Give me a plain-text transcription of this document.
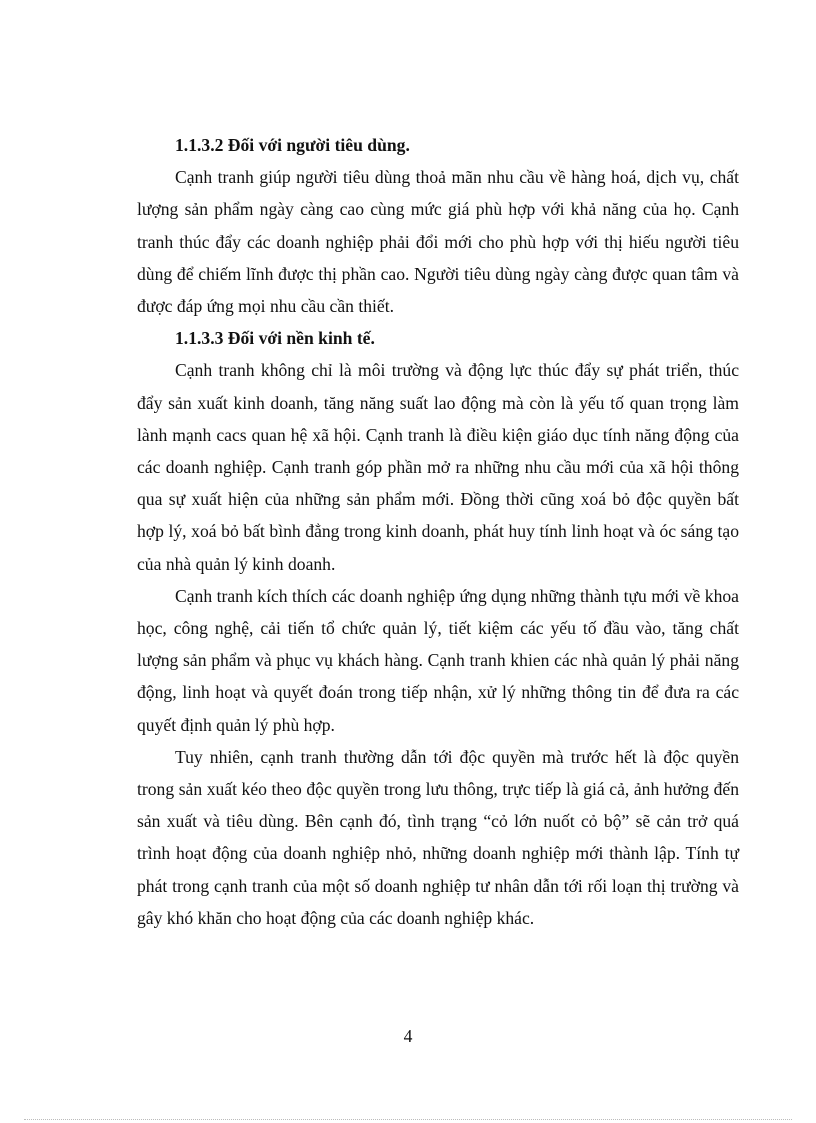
1.1.3.2 Đối với người tiêu dùng.

Cạnh tranh giúp người tiêu dùng thoả mãn nhu cầu về hàng hoá, dịch vụ, chất lượng sản phẩm ngày càng cao cùng mức giá phù hợp với khả năng của họ. Cạnh tranh thúc đẩy các doanh nghiệp phải đổi mới cho phù hợp với thị hiếu người tiêu dùng để chiếm lĩnh được thị phần cao. Người tiêu dùng ngày càng được quan tâm và được đáp ứng mọi nhu cầu cần thiết.

1.1.3.3 Đối với nền kinh tế.

Cạnh tranh không chỉ là môi trường và động lực thúc đẩy sự phát triển, thúc đẩy sản xuất kinh doanh, tăng năng suất lao động mà còn là yếu tố quan trọng làm lành mạnh cacs quan hệ xã hội. Cạnh tranh là điều kiện giáo dục tính năng động của các doanh nghiệp. Cạnh tranh góp phần mở ra những nhu cầu mới của xã hội thông qua sự xuất hiện của những sản phẩm mới. Đồng thời cũng xoá bỏ độc quyền bất hợp lý, xoá bỏ bất bình đẳng trong kinh doanh, phát huy tính linh hoạt và óc sáng tạo của nhà quản lý kinh doanh.

Cạnh tranh kích thích các doanh nghiệp ứng dụng những thành tựu mới về khoa học, công nghệ, cải tiến tổ chức quản lý, tiết kiệm các yếu tố đầu vào, tăng chất lượng sản phẩm và phục vụ khách hàng. Cạnh tranh khien các nhà quản lý phải năng động, linh hoạt và quyết đoán trong tiếp nhận, xử lý những thông tin để đưa ra các quyết định quản lý phù hợp.

Tuy nhiên, cạnh tranh thường dẫn tới độc quyền mà trước hết là độc quyền trong sản xuất kéo theo độc quyền trong lưu thông, trực tiếp là giá cả, ảnh hưởng đến sản xuất và tiêu dùng. Bên cạnh đó, tình trạng “cỏ lớn nuốt cỏ bộ” sẽ cản trở quá trình hoạt động của doanh nghiệp nhỏ, những doanh nghiệp mới thành lập. Tính tự phát trong cạnh tranh của một số doanh nghiệp tư nhân dẫn tới rối loạn thị trường và gây khó khăn cho hoạt động của các doanh nghiệp khác.

4
